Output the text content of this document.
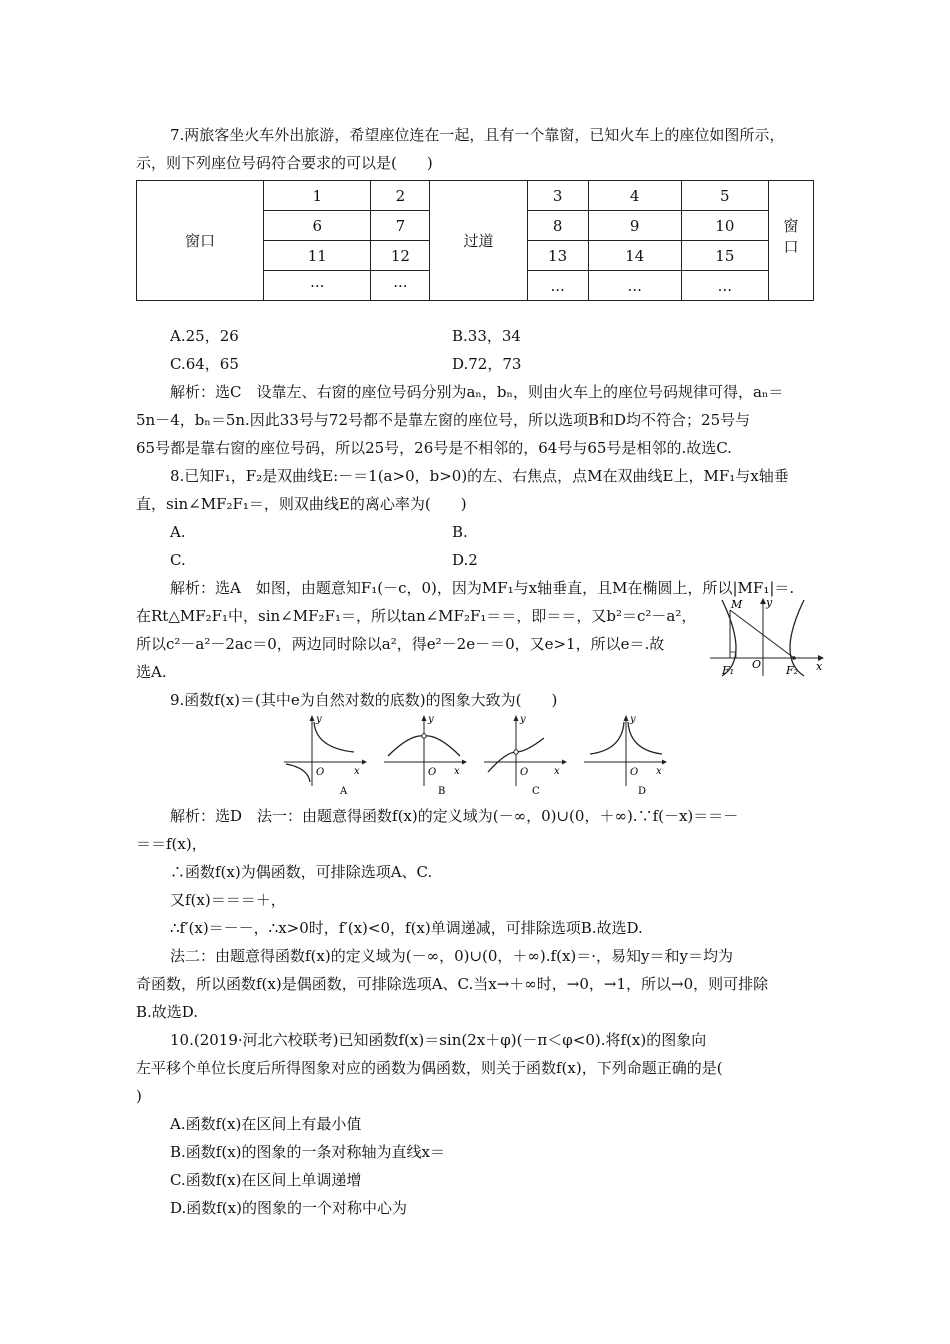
7.两旅客坐火车外出旅游，希望座位连在一起，且有一个靠窗，已知火车上的座位如图所示，
示，则下列座位号码符合要求的可以是(　　)
窗口	1	2	过道	3	4	5	窗口
	6	7		8	9	10	
	11	12		13	14	15	
	···	···		...	...	...	
A.25，26	B.33，34
C.64，65	D.72，73
解析：选C　设靠左、右窗的座位号码分别为aₙ，bₙ，则由火车上的座位号码规律可得，aₙ＝
5n－4，bₙ＝5n.因此33号与72号都不是靠左窗的座位号，所以选项B和D均不符合；25号与
65号都是靠右窗的座位号码，所以25号，26号是不相邻的，64号与65号是相邻的.故选C.
8.已知F₁，F₂是双曲线E:－＝1(a>0，b>0)的左、右焦点，点M在双曲线E上，MF₁与x轴垂
直，sin∠MF₂F₁＝，则双曲线E的离心率为(　　)
A.	B.
C.	D.2
解析：选A　如图，由题意知F₁(－c，0)，因为MF₁与x轴垂直，且M在椭圆上，所以|MF₁|＝.
在Rt△MF₂F₁中，sin∠MF₂F₁＝，所以tan∠MF₂F₁＝＝，即＝＝，又b²＝c²－a²，
所以c²－a²－2ac＝0，两边同时除以a²，得e²－2e－＝0，又e>1，所以e＝.故
选A.
M y
O	x
F₁	F₂
9.函数f(x)＝(其中e为自然对数的底数)的图象大致为(　　)
y
O	x
A
y
O x
B
y
O	x
C
y
O x
D
解析：选D　法一：由题意得函数f(x)的定义域为(－∞，0)∪(0，＋∞).∵f(－x)＝＝－
＝＝f(x)，
∴函数f(x)为偶函数，可排除选项A、C.
又f(x)＝＝＝＋，
∴f′(x)＝－－，∴x>0时，f′(x)<0，f(x)单调递减，可排除选项B.故选D.
法二：由题意得函数f(x)的定义域为(－∞，0)∪(0，＋∞).f(x)＝·，易知y＝和y＝均为
奇函数，所以函数f(x)是偶函数，可排除选项A、C.当x→＋∞时，→0，→1，所以→0，则可排除
B.故选D.
10.(2019·河北六校联考)已知函数f(x)＝sin(2x＋φ)(－π＜φ<0).将f(x)的图象向
左平移个单位长度后所得图象对应的函数为偶函数，则关于函数f(x)，下列命题正确的是(
)
A.函数f(x)在区间上有最小值
B.函数f(x)的图象的一条对称轴为直线x＝
C.函数f(x)在区间上单调递增
D.函数f(x)的图象的一个对称中心为
